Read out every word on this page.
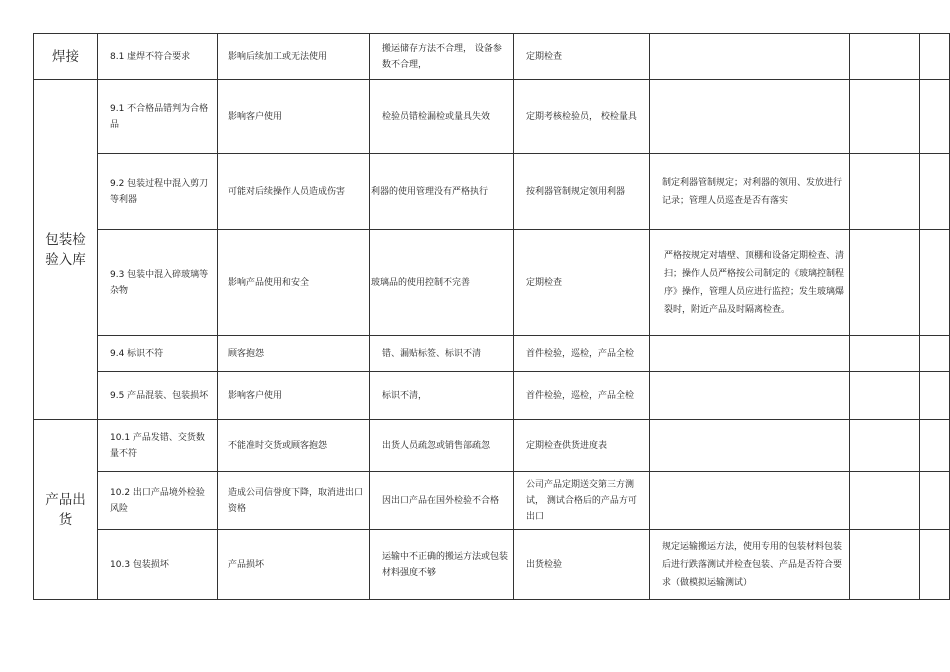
焊接	8.1 虚焊不符合要求	影响后续加工或无法使用	搬运储存方法不合理， 设备参数不合理，	定期检查			
包装检验入库	9.1 不合格品错判为合格品	影响客户使用	检验员错检漏检或量具失效	定期考核检验员， 校检量具			
	9.2 包装过程中混入剪刀等利器	可能对后续操作人员造成伤害	利器的使用管理没有严格执行	按利器管制规定领用利器	制定利器管制规定；对利器的领用、发放进行记录；管理人员巡查是否有落实		
	9.3 包装中混入碎玻璃等杂物	影响产品使用和安全	玻璃品的使用控制不完善	定期检查	严格按规定对墙壁、顶棚和设备定期检查、清扫；操作人员严格按公司制定的《玻璃控制程序》操作，管理人员应进行监控；发生玻璃爆裂时，附近产品及时隔离检查。		
	9.4 标识不符	顾客抱怨	错、漏贴标签、标识不清	首件检验，巡检，产品全检			
	9.5 产品混装、包装损坏	影响客户使用	标识不清，	首件检验，巡检，产品全检			
产品出货	10.1 产品发错、交货数量不符	不能准时交货或顾客抱怨	出货人员疏忽或销售部疏忽	定期检查供货进度表			
	10.2 出口产品境外检验风险	造成公司信誉度下降，取消进出口资格	因出口产品在国外检验不合格	公司产品定期送交第三方测试， 测试合格后的产品方可出口			
	10.3 包装损坏	产品损坏	运输中不正确的搬运方法或包装材料强度不够	出货检验	规定运输搬运方法，使用专用的包装材料包装后进行跌落测试并检查包装、产品是否符合要求（做模拟运输测试）		
